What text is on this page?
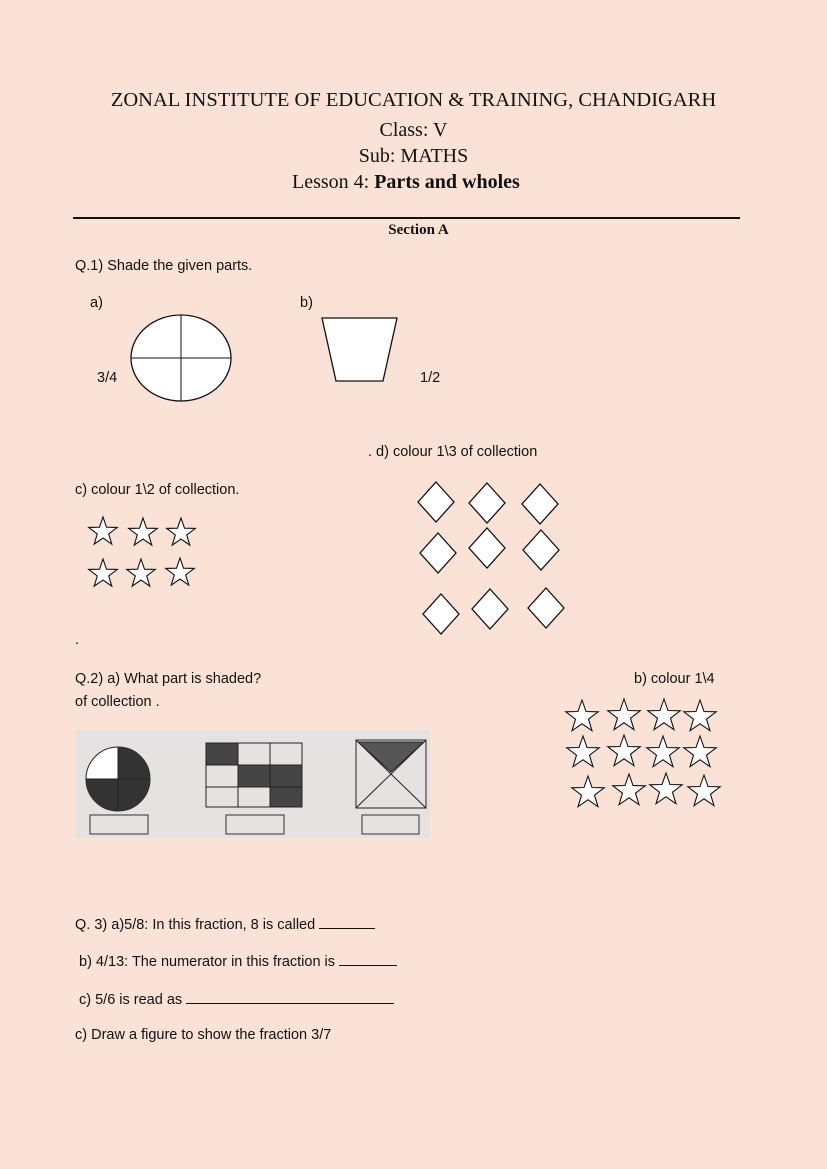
ZONAL INSTITUTE OF EDUCATION & TRAINING, CHANDIGARH
Class: V
Sub: MATHS
Lesson 4: Parts and wholes
Section A
Q.1) Shade the given parts.
a)	b)
3/4	1/2
. d) colour 1\3 of collection
c) colour 1\2 of collection.
.
Q.2) a) What part is shaded?
of collection .
b) colour 1\4
Q. 3) a)5/8: In this fraction, 8 is called
b) 4/13: The numerator in this fraction is
c) 5/6 is read as
c) Draw a figure to show the fraction 3/7
